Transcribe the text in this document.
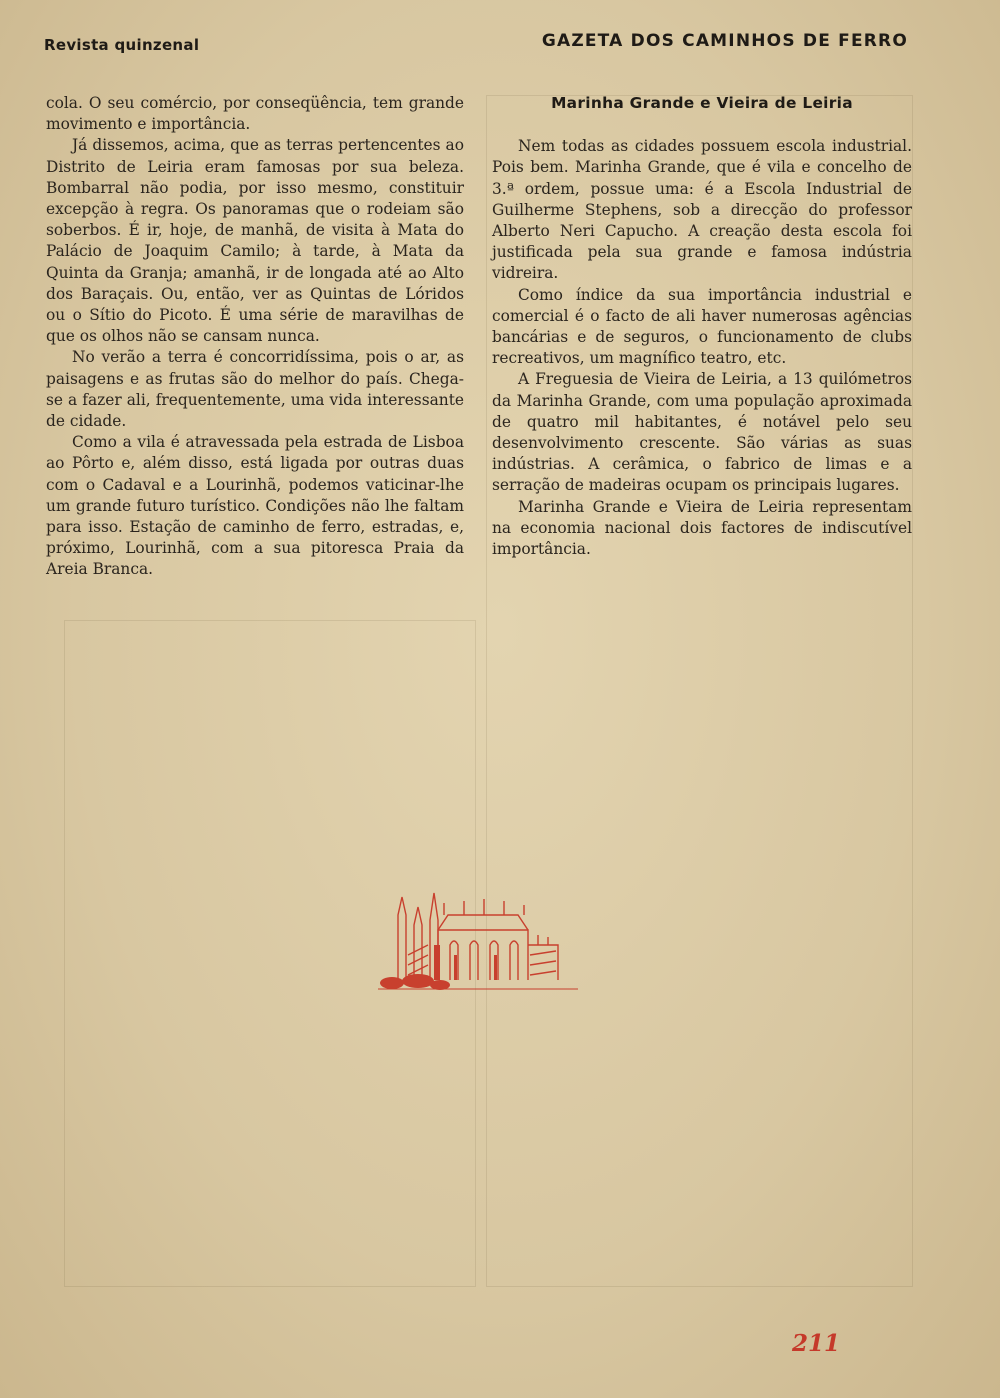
Revista quinzenal	GAZETA DOS CAMINHOS DE FERRO

cola. O seu comércio, por conseqüência, tem grande movimento e importância.

Já dissemos, acima, que as terras pertencentes ao Distrito de Leiria eram famosas por sua beleza. Bombarral não podia, por isso mesmo, constituir excepção à regra. Os panoramas que o rodeiam são soberbos. É ir, hoje, de manhã, de visita à Mata do Palácio de Joaquim Camilo; à tarde, à Mata da Quinta da Granja; amanhã, ir de longada até ao Alto dos Baraçais. Ou, então, ver as Quintas de Lóridos ou o Sítio do Picoto. É uma série de maravilhas de que os olhos não se cansam nunca.

No verão a terra é concorridíssima, pois o ar, as paisagens e as frutas são do melhor do país. Chega-se a fazer ali, frequentemente, uma vida interessante de cidade.

Como a vila é atravessada pela estrada de Lisboa ao Pôrto e, além disso, está ligada por outras duas com o Cadaval e a Lourinhã, podemos vaticinar-lhe um grande futuro turístico. Condições não lhe faltam para isso. Estação de caminho de ferro, estradas, e, próximo, Lourinhã, com a sua pitoresca Praia da Areia Branca.

Marinha Grande e Vieira de Leiria

Nem todas as cidades possuem escola industrial. Pois bem. Marinha Grande, que é vila e concelho de 3.ª ordem, possue uma: é a Escola Industrial de Guilherme Stephens, sob a direcção do professor Alberto Neri Capucho. A creação desta escola foi justificada pela sua grande e famosa indústria vidreira.

Como índice da sua importância industrial e comercial é o facto de ali haver numerosas agências bancárias e de seguros, o funcionamento de clubs recreativos, um magnífico teatro, etc.

A Freguesia de Vieira de Leiria, a 13 quilómetros da Marinha Grande, com uma população aproximada de quatro mil habitantes, é notável pelo seu desenvolvimento crescente. São várias as suas indústrias. A cerâmica, o fabrico de limas e a serração de madeiras ocupam os principais lugares.

Marinha Grande e Vieira de Leiria representam na economia nacional dois factores de indiscutível importância.

211
